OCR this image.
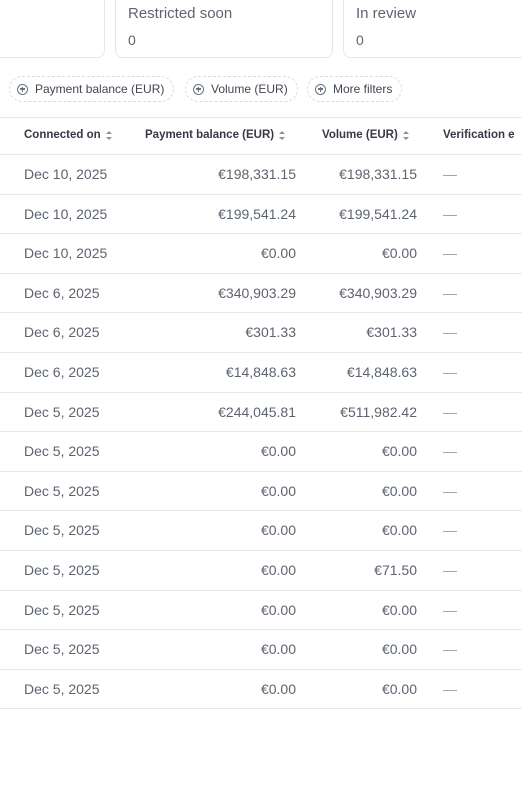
Restricted soon
0
In review
0
Payment balance (EUR)	Volume (EUR)	More filters
Connected on	Payment balance (EUR)	Volume (EUR)	Verification e
Dec 10, 2025	€198,331.15	€198,331.15 —
Dec 10, 2025	€199,541.24	€199,541.24 —
Dec 10, 2025	€0.00	€0.00 —
Dec 6, 2025	€340,903.29	€340,903.29 —
Dec 6, 2025	€301.33	€301.33 —
Dec 6, 2025	€14,848.63	€14,848.63 —
Dec 5, 2025	€244,045.81	€511,982.42 —
Dec 5, 2025	€0.00	€0.00 —
Dec 5, 2025	€0.00	€0.00 —
Dec 5, 2025	€0.00	€0.00 —
Dec 5, 2025	€0.00	€71.50 —
Dec 5, 2025	€0.00	€0.00 —
Dec 5, 2025	€0.00	€0.00 —
Dec 5, 2025	€0.00	€0.00 —
